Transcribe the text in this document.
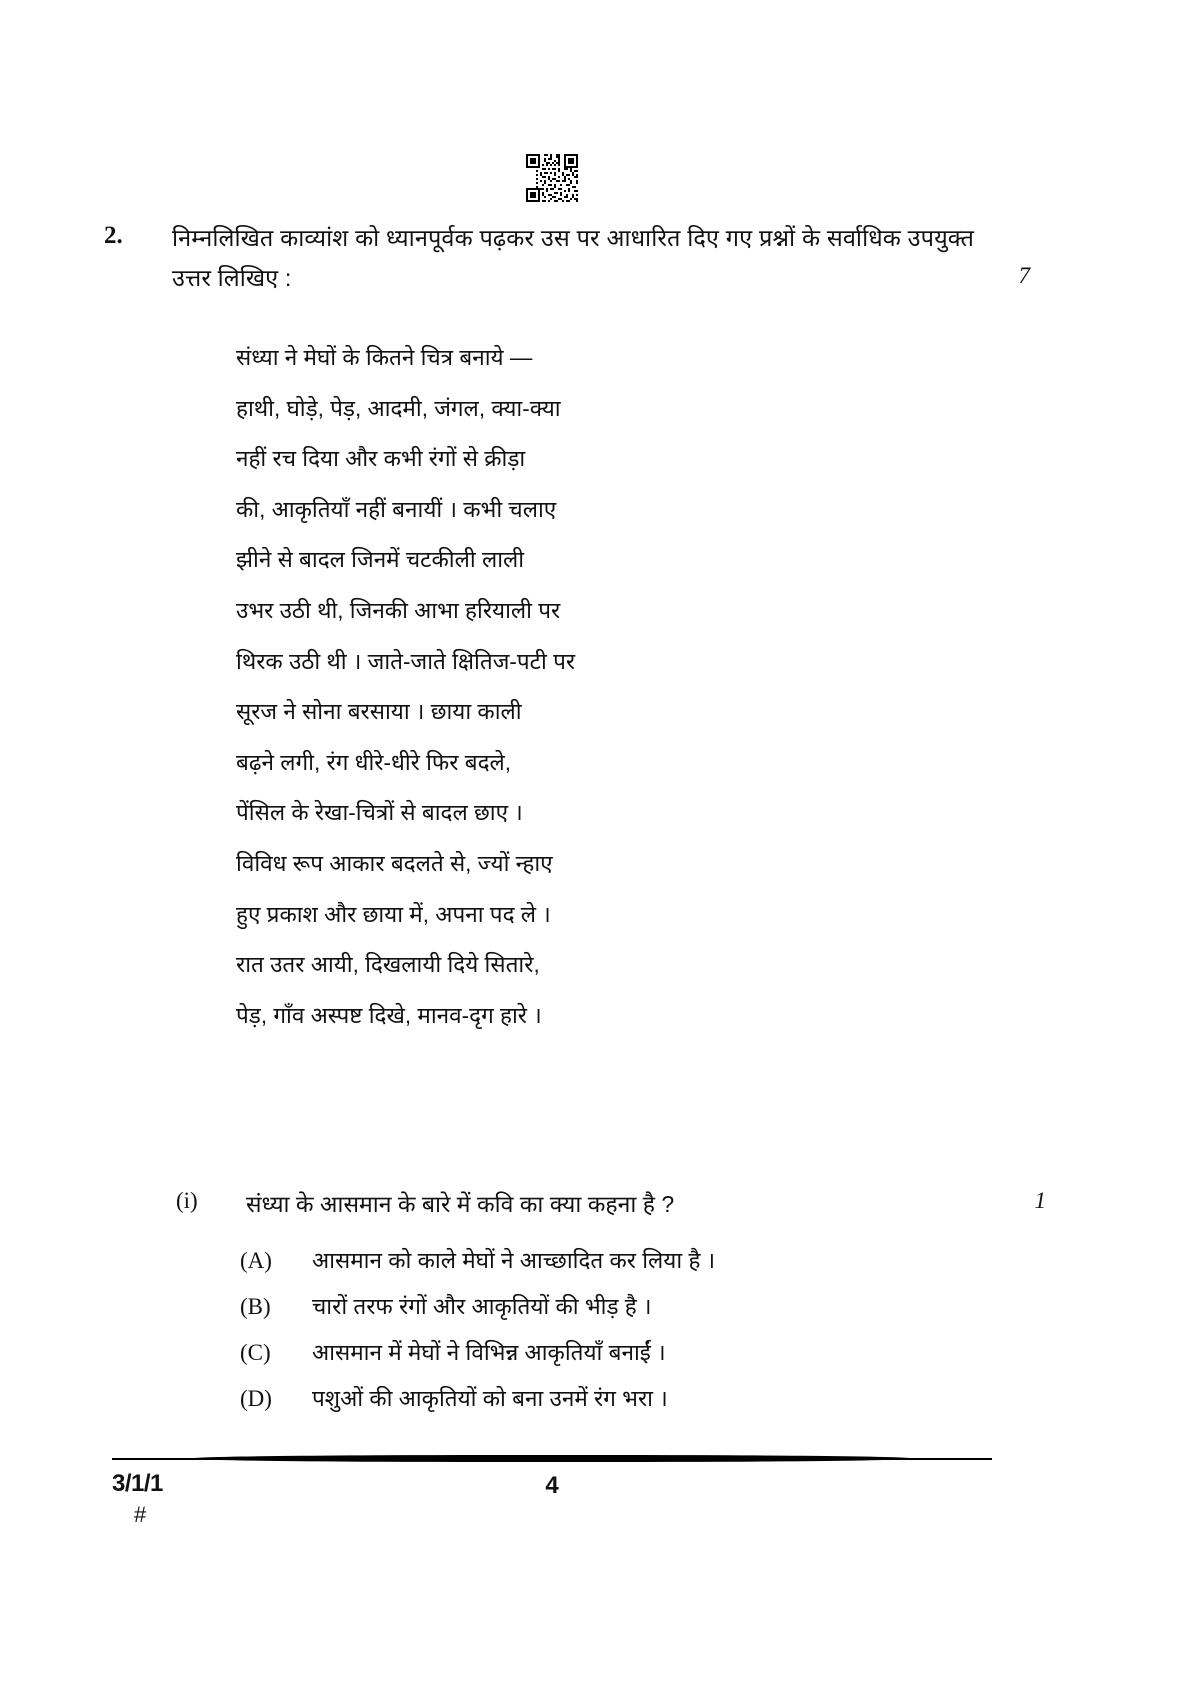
2.	निम्नलिखित काव्यांश को ध्यानपूर्वक पढ़कर उस पर आधारित दिए गए प्रश्नों के सर्वाधिक उपयुक्त उत्तर लिखिए :	7
संध्या ने मेघों के कितने चित्र बनाये —
हाथी, घोड़े, पेड़, आदमी, जंगल, क्या-क्या
नहीं रच दिया और कभी रंगों से क्रीड़ा
की, आकृतियाँ नहीं बनायीं । कभी चलाए
झीने से बादल जिनमें चटकीली लाली
उभर उठी थी, जिनकी आभा हरियाली पर
थिरक उठी थी । जाते-जाते क्षितिज-पटी पर
सूरज ने सोना बरसाया । छाया काली
बढ़ने लगी, रंग धीरे-धीरे फिर बदले,
पेंसिल के रेखा-चित्रों से बादल छाए ।
विविध रूप आकार बदलते से, ज्यों न्हाए
हुए प्रकाश और छाया में, अपना पद ले ।
रात उतर आयी, दिखलायी दिये सितारे,
पेड़, गाँव अस्पष्ट दिखे, मानव-दृग हारे ।
(i)	संध्या के आसमान के बारे में कवि का क्या कहना है ?	1
(A) आसमान को काले मेघों ने आच्छादित कर लिया है ।
(B) चारों तरफ रंगों और आकृतियों की भीड़ है ।
(C) आसमान में मेघों ने विभिन्न आकृतियाँ बनाईं ।
(D) पशुओं की आकृतियों को बना उनमें रंग भरा ।
3/1/1
#
4
